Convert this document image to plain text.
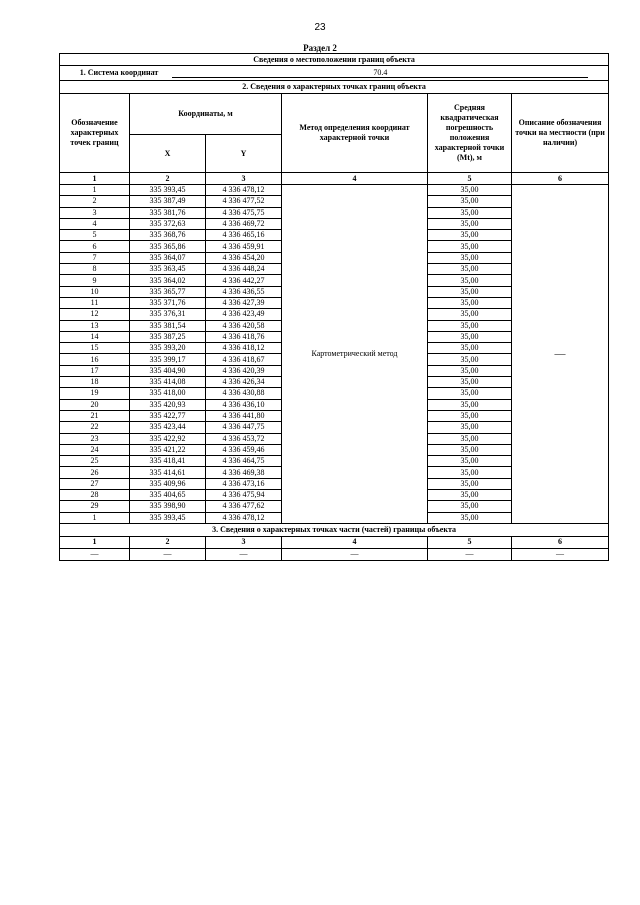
23
Раздел 2
Сведения о местоположении границ объекта					
1. Система координат 70.4					
2. Сведения о характерных точках границ объекта					
Обозначение характерных точек границ	Координаты, м		Метод определения координат характерной точки	Средняя квадратическая погрешность положения характерной точки (Mt), м	Описание обозначения точки на местности (при наличии)
	X	Y			
1	2	3	4	5	6
1	335 393,45	4 336 478,12	Картометрический метод	35,00	—
2	335 387,49	4 336 477,52		35,00	
3	335 381,76	4 336 475,75		35,00	
4	335 372,63	4 336 469,72		35,00	
5	335 368,76	4 336 465,16		35,00	
6	335 365,86	4 336 459,91		35,00	
7	335 364,07	4 336 454,20		35,00	
8	335 363,45	4 336 448,24		35,00	
9	335 364,02	4 336 442,27		35,00	
10	335 365,77	4 336 436,55		35,00	
11	335 371,76	4 336 427,39		35,00	
12	335 376,31	4 336 423,49		35,00	
13	335 381,54	4 336 420,58		35,00	
14	335 387,25	4 336 418,76		35,00	
15	335 393,20	4 336 418,12		35,00	
16	335 399,17	4 336 418,67		35,00	
17	335 404,90	4 336 420,39		35,00	
18	335 414,08	4 336 426,34		35,00	
19	335 418,00	4 336 430,88		35,00	
20	335 420,93	4 336 436,10		35,00	
21	335 422,77	4 336 441,80		35,00	
22	335 423,44	4 336 447,75		35,00	
23	335 422,92	4 336 453,72		35,00	
24	335 421,22	4 336 459,46		35,00	
25	335 418,41	4 336 464,75		35,00	
26	335 414,61	4 336 469,38		35,00	
27	335 409,96	4 336 473,16		35,00	
28	335 404,65	4 336 475,94		35,00	
29	335 398,90	4 336 477,62		35,00	
1	335 393,45	4 336 478,12		35,00	
3. Сведения о характерных точках части (частей) границы объекта					
1	2	3	4	5	6
—	—	—	—	—	—
